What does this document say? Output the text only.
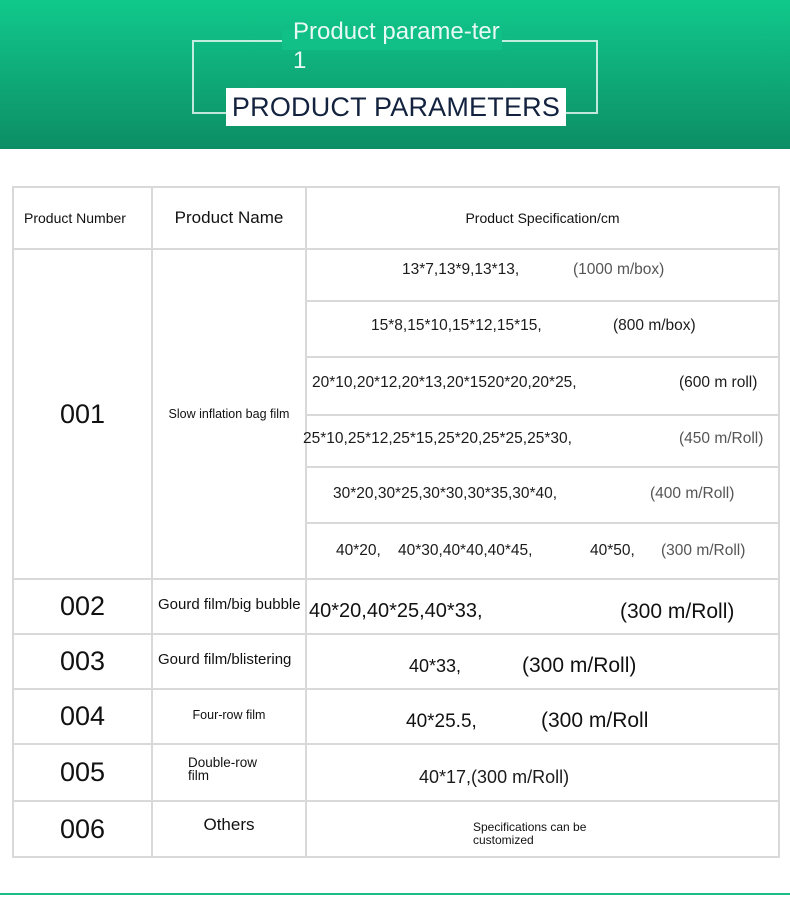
Product parame-ter 1
PRODUCT PARAMETERS
Product Number	Product Name	Product Specification/cm
001	Slow inflation bag film	13*7,13*9,13*13, (1000 m/box)

		15*8,15*10,15*12,15*15, (800 m/box)

		20*10,20*12,20*13,20*1520*20,20*25, (600 m roll)

		25*10,25*12,25*15,25*20,25*25,25*30, (450 m/Roll)

		30*20,30*25,30*30,30*35,30*40, (400 m/Roll)

		40*20, 40*30,40*40,40*45, 40*50, (300 m/Roll)

002	Gourd film/big bubble	40*20,40*25,40*33, (300 m/Roll)

003	Gourd film/blistering	40*33, (300 m/Roll)

004	Four-row film	40*25.5, (300 m/Roll

005	Double-row
film	40*17,(300 m/Roll)

006	Others	Specifications can be
customized
